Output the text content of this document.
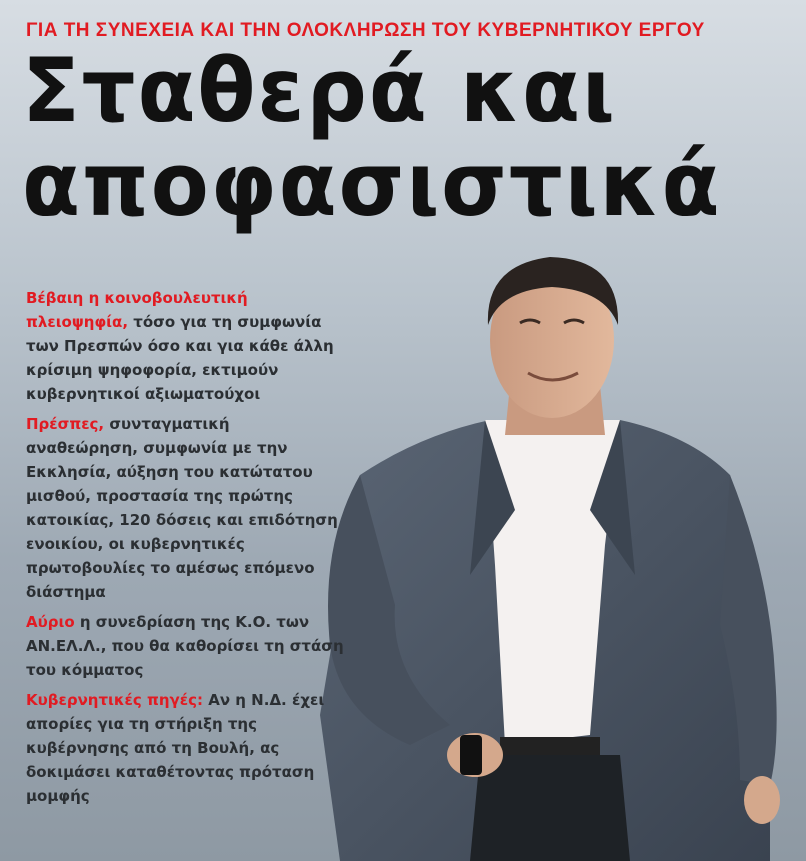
ΓΙΑ ΤΗ ΣΥΝΕΧΕΙΑ ΚΑΙ ΤΗΝ ΟΛΟΚΛΗΡΩΣΗ ΤΟΥ ΚΥΒΕΡΝΗΤΙΚΟΥ ΕΡΓΟΥ
Σταθερά και
αποφασιστικά
Βέβαιη η κοινοβουλευτική πλειοψηφία, τόσο για τη συμφωνία των Πρεσπών όσο και για κάθε άλλη κρίσιμη ψηφοφορία, εκτιμούν κυβερνητικοί αξιωματούχοι
Πρέσπες, συνταγματική αναθεώρηση, συμφωνία με την Εκκλησία, αύξηση του κατώτατου μισθού, προστασία της πρώτης κατοικίας, 120 δόσεις και επιδότηση ενοικίου, οι κυβερνητικές πρωτοβουλίες το αμέσως επόμενο διάστημα
Αύριο η συνεδρίαση της Κ.Ο. των ΑΝ.ΕΛ.Λ., που θα καθορίσει τη στάση του κόμματος
Κυβερνητικές πηγές: Αν η Ν.Δ. έχει απορίες για τη στήριξη της κυβέρνησης από τη Βουλή, ας δοκιμάσει καταθέτοντας πρόταση μομφής
